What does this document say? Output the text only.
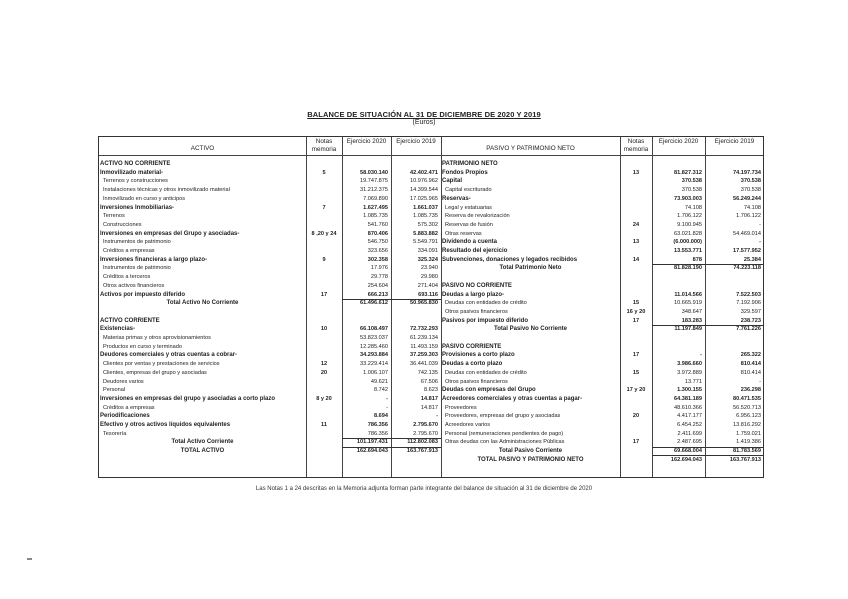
BALANCE DE SITUACIÓN AL 31 DE DICIEMBRE DE 2020 Y 2019
(Euros)
ACTIVO
Notas memoria
Ejercicio 2020	Ejercicio 2019
PASIVO Y PATRIMONIO NETO
Notas memoria
Ejercicio 2020	Ejercicio 2019
ACTIVO NO CORRIENTE
Inmovilizado material-	5	58.030.140	42.402.471
Terrenos y construcciones	19.747.875	10.976.962
Instalaciones técnicas y otros inmovilizado material	31.212.375	14.399.544
Inmovilizado en curso y anticipos	7.069.890	17.025.965
Inversiones Inmobiliarias-	7	1.627.495	1.661.037
Terrenos	1.085.735	1.085.735
Construcciones	541.760	575.302
Inversiones en empresas del Grupo y asociadas-	8 ,20 y 24	870.406	5.883.882
Instrumentos de patrimonio	546.750	5.549.791
Créditos a empresas	323.656	334.091
Inversiones financieras a largo plazo-	9	302.358	325.324
Instrumentos de patrimonio	17.976	23.940
Créditos a terceros	29.778	29.980
Otros activos financieros	254.604	271.404
Activos por impuesto diferido	17	666.213	693.116
Total Activo No Corriente	61.496.612	50.965.830
ACTIVO CORRIENTE
Existencias-	10	66.108.497	72.732.293
Materias primas y otros aprovisionamientos	53.823.037	61.239.134
Productos en curso y terminado	12.285.460	11.493.159
Deudores comerciales y otras cuentas a cobrar-	34.293.884	37.259.303
Clientes por ventas y prestaciones de servicios	12	33.229.414	36.441.039
Clientes, empresas del grupo y asociadas	20	1.006.107	742.135
Deudores varios	49.621	67.506
Personal	8.742	8.623
Inversiones en empresas del grupo y asociadas a corto plazo	8 y 20	-	14.817
Créditos a empresas	-	14.817
Periodificaciones	8.694	-
Efectivo y otros activos líquidos equivalentes	11	786.356	2.795.670
Tesorería	786.356	2.795.670
Total Activo Corriente	101.197.431	112.802.083
TOTAL ACTIVO	162.694.043	163.767.913
PATRIMONIO NETO
Fondos Propios	13	81.827.312	74.197.734
Capital	370.538	370.538
Capital escriturado	370.538	370.538
Reservas-	73.903.003	56.249.244
Legal y estatuarias	74.108	74.108
Reserva de revalorización	1.706.122	1.706.122
Reservas de fusión	24	9.100.945	-
Otras reservas	63.021.828	54.469.014
Dividendo a cuenta	13	(6.000.000)	-
Resultado del ejercicio	13.553.771	17.577.952
Subvenciones, donaciones y legados recibidos	14	878	25.384
Total Patrimonio Neto	81.828.190	74.223.118
PASIVO NO CORRIENTE
Deudas a largo plazo-	11.014.566	7.522.503
Deudas con entidades de crédito	15	10.665.919	7.192.906
Otros pasivos financieros	16 y 20	348.647	329.597
Pasivos por impuesto diferido	17	183.283	238.723
Total Pasivo No Corriente	11.197.849	7.761.226
PASIVO CORRIENTE
Provisiones a corto plazo	17	-	265.322
Deudas a corto plazo	3.986.660	810.414
Deudas con entidades de crédito	15	3.972.889	810.414
Otros pasivos financieros	13.771	-
Deudas con empresas del Grupo	17 y 20	1.300.155	236.298
Acreedores comerciales y otras cuentas a pagar-	64.381.189	80.471.535
Proveedores	48.610.366	56.520.713
Proveedores, empresas del grupo y asociadas	20	4.417.177	6.956.123
Acreedores varios	6.454.252	13.816.292
Personal (remuneraciones pendientes de pago)	2.411.699	1.759.021
Otras deudas con las Administraciones Públicas	17	2.487.695	1.419.386
Total Pasivo Corriente	69.668.004	81.783.569
TOTAL PASIVO Y PATRIMONIO NETO	162.694.043	163.767.913
Las Notas 1 a 24 descritas en la Memoria adjunta forman parte integrante del balance de situación al 31 de diciembre de 2020
